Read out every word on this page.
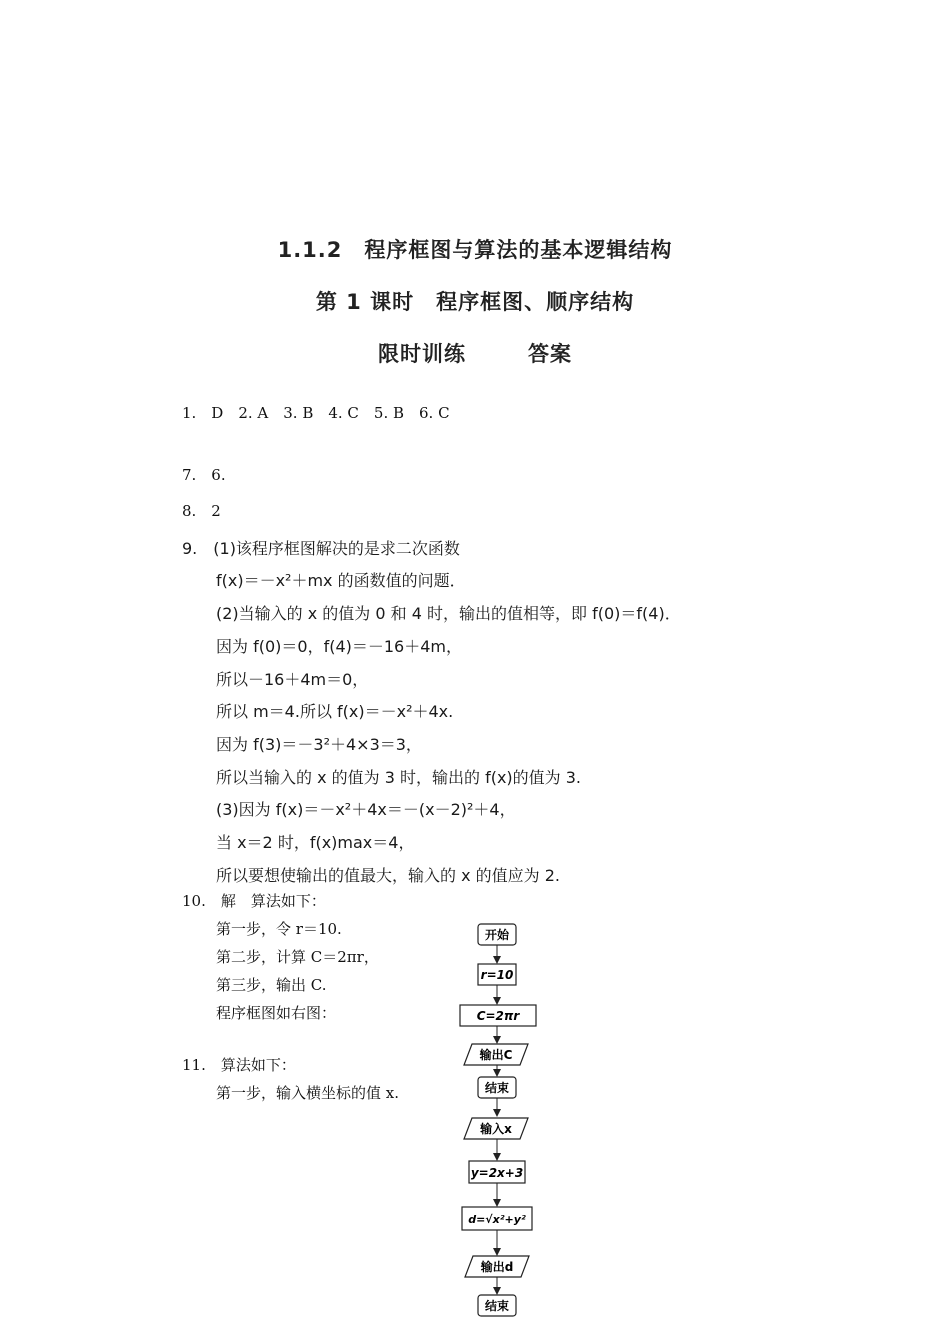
1.1.2　程序框图与算法的基本逻辑结构
第 1 课时　程序框图、顺序结构
限时训练	答案
1.　D　2. A　3. B　4. C　5. B　6. C
7.　6.
8.　2
9.　(1)该程序框图解决的是求二次函数
f(x)＝－x²＋mx 的函数值的问题．
(2)当输入的 x 的值为 0 和 4 时，输出的值相等，即 f(0)＝f(4)．
因为 f(0)＝0，f(4)＝－16＋4m，
所以－16＋4m＝0，
所以 m＝4.所以 f(x)＝－x²＋4x.
因为 f(3)＝－3²＋4×3＝3，
所以当输入的 x 的值为 3 时，输出的 f(x)的值为 3.
(3)因为 f(x)＝－x²＋4x＝－(x－2)²＋4，
当 x＝2 时，f(x)max＝4，
所以要想使输出的值最大，输入的 x 的值应为 2.
10.　解　算法如下：
第一步，令 r＝10.
第二步，计算 C＝2πr，
第三步，输出 C.
程序框图如右图：
11.　算法如下：
第一步，输入横坐标的值 x.
开始
r=10
C=2πr
输出C
结束
输入x
y=2x+3
d=√x²+y²
输出d
结束
